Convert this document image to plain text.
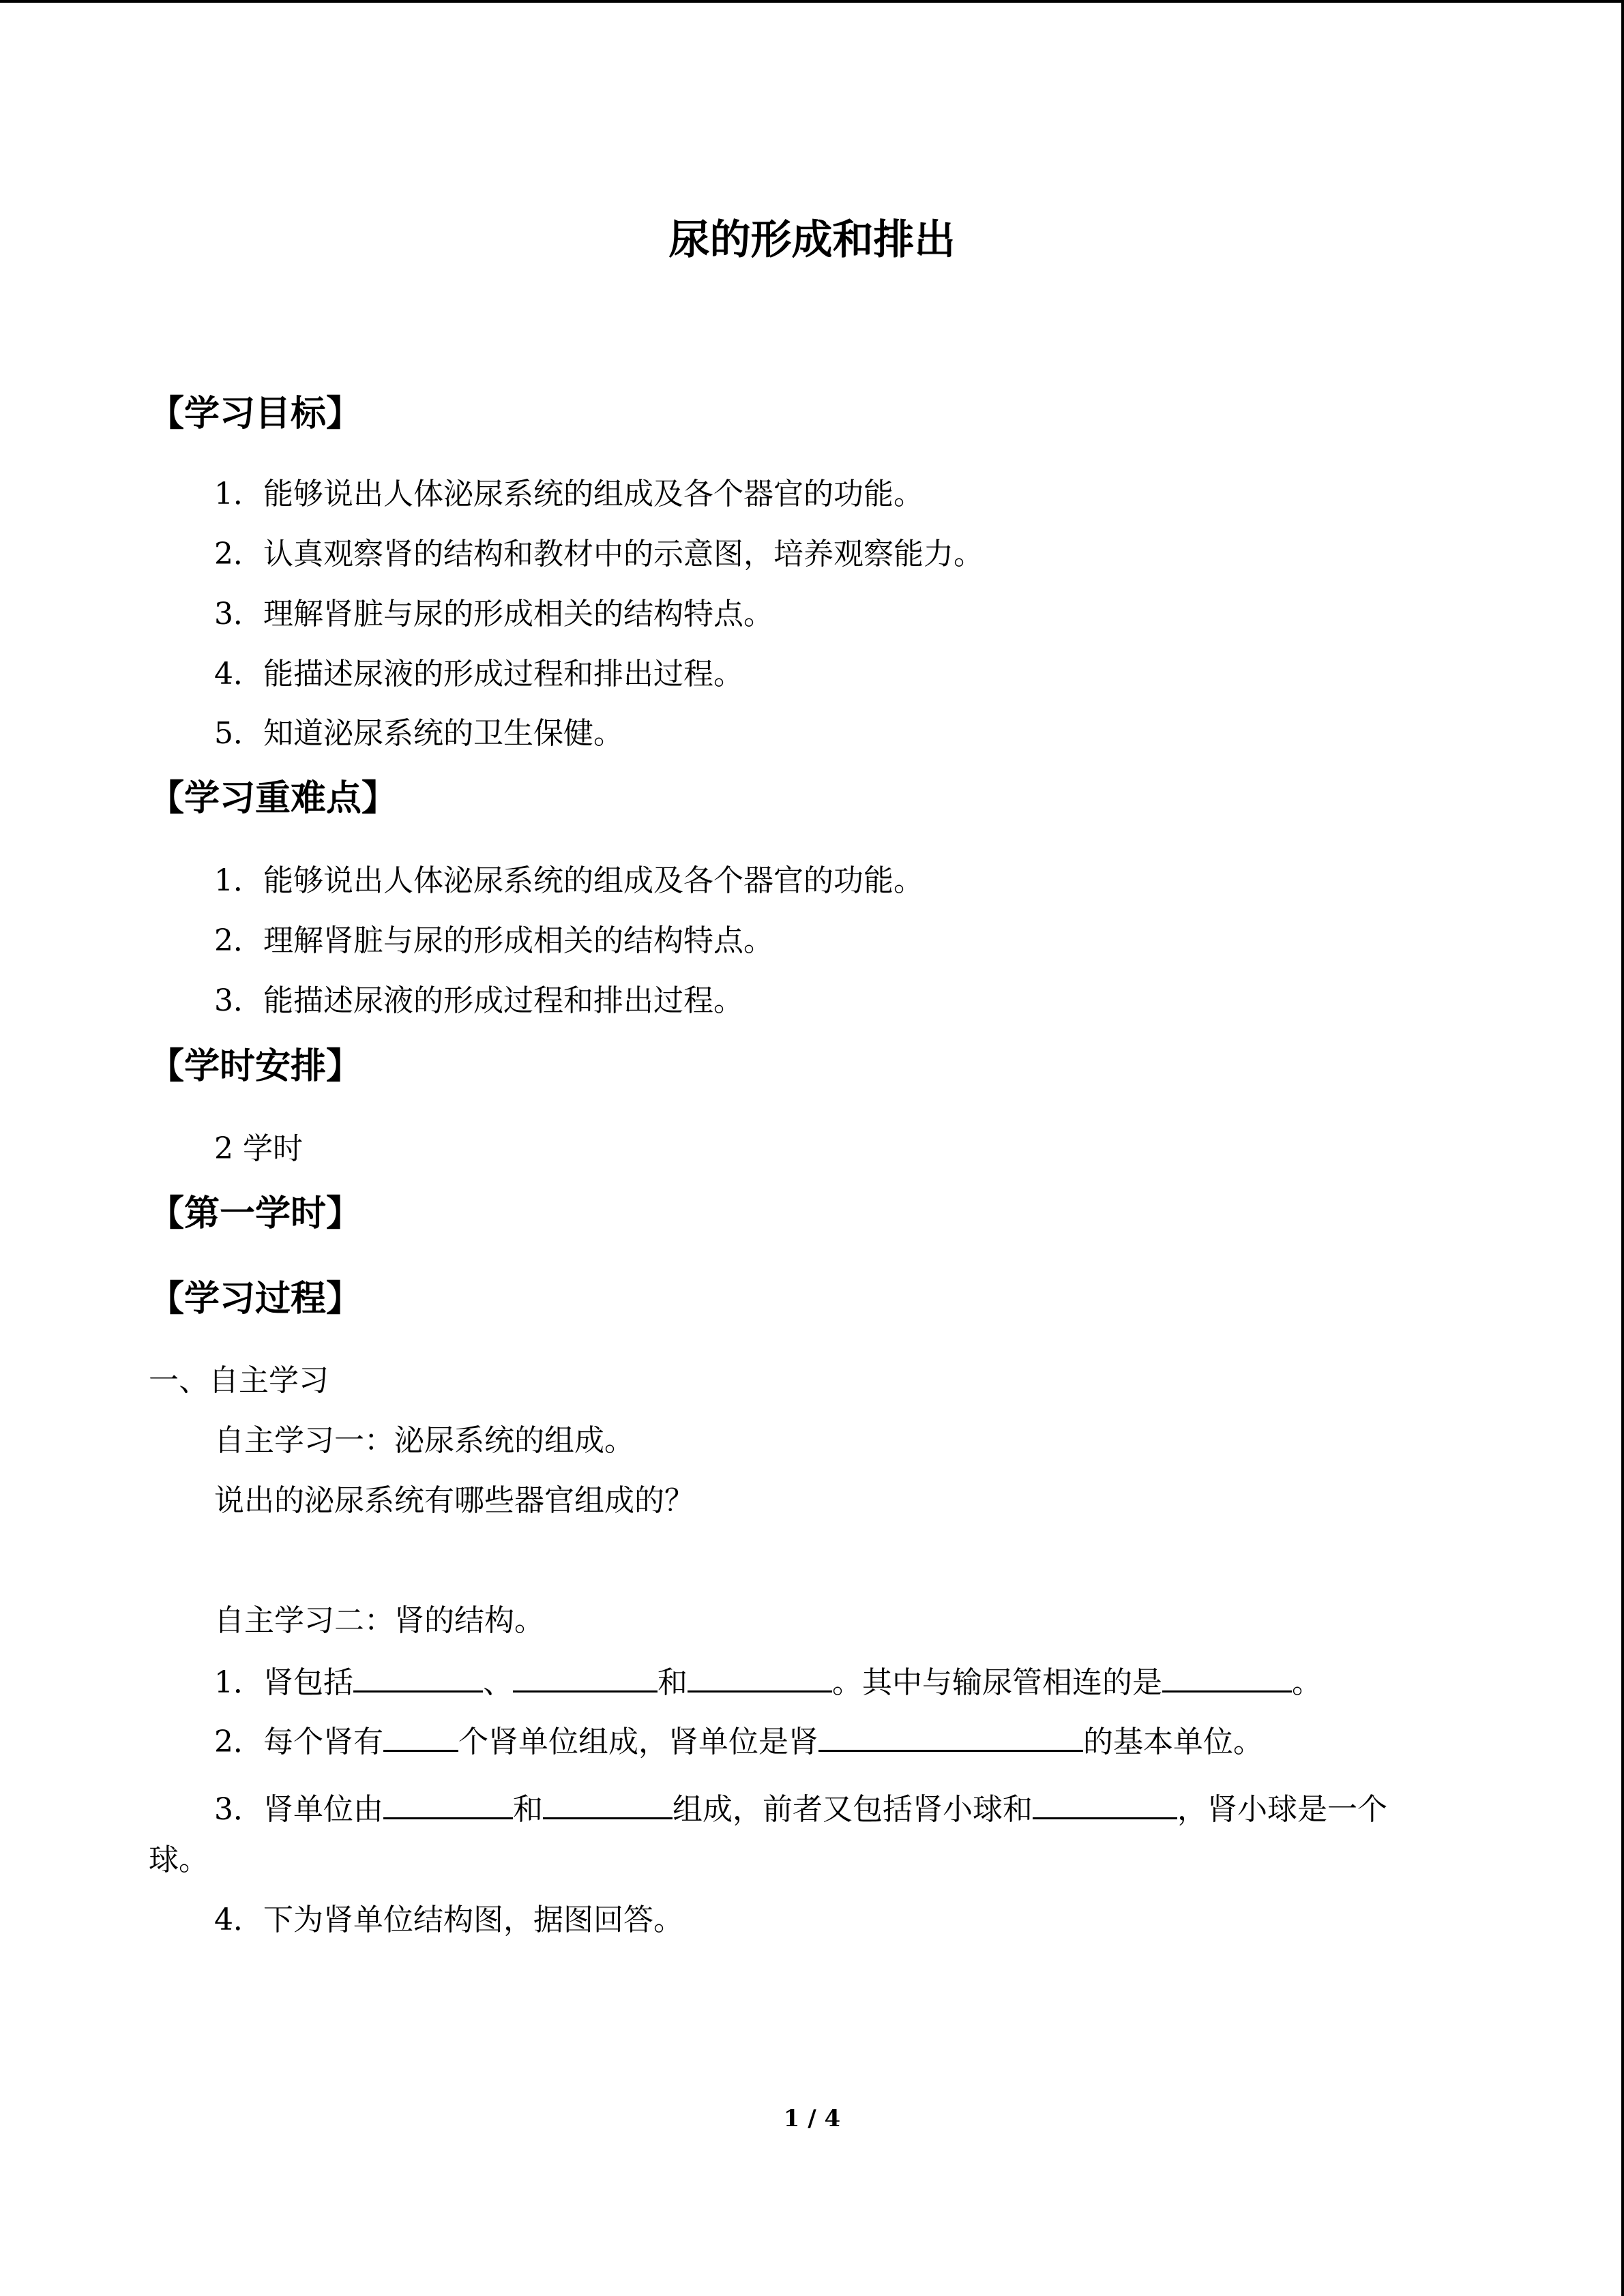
尿的形成和排出
【学习目标】
1．能够说出人体泌尿系统的组成及各个器官的功能。
2．认真观察肾的结构和教材中的示意图，培养观察能力。
3．理解肾脏与尿的形成相关的结构特点。
4．能描述尿液的形成过程和排出过程。
5．知道泌尿系统的卫生保健。
【学习重难点】
1．能够说出人体泌尿系统的组成及各个器官的功能。
2．理解肾脏与尿的形成相关的结构特点。
3．能描述尿液的形成过程和排出过程。
【学时安排】
2 学时
【第一学时】
【学习过程】
一、自主学习
自主学习一：泌尿系统的组成。
说出的泌尿系统有哪些器官组成的？
自主学习二：肾的结构。
1．肾包括	、	和	。其中与输尿管相连的是	。
2．每个肾有	个肾单位组成，肾单位是肾	的基本单位。
3．肾单位由	和	组成，前者又包括肾小球和	，肾小球是一个
球。
4．下为肾单位结构图，据图回答。
1 / 4
